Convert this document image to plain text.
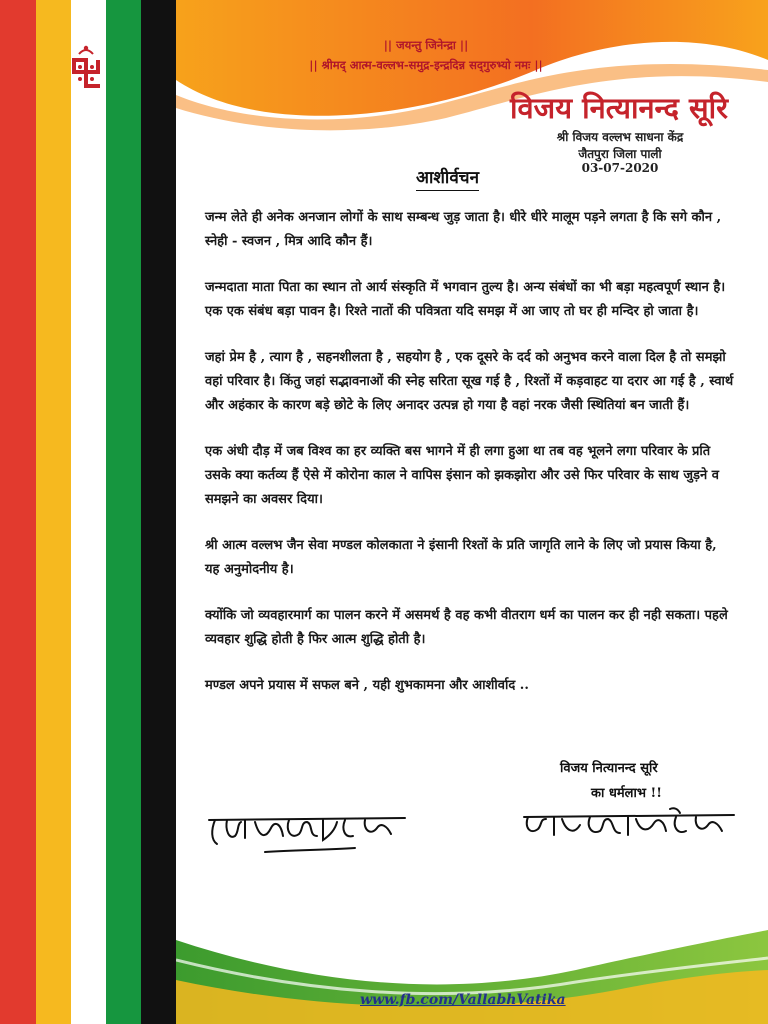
|| जयन्तु जिनेन्द्रा ||
|| श्रीमद् आत्म-वल्लभ-समुद्र-इन्द्रदिन्न सद्‌गुरुभ्यो नमः ||
विजय नित्यानन्द सूरि
श्री विजय वल्लभ साधना केंद्र
जैतपुरा जिला पाली
03-07-2020
आशीर्वचन

जन्म लेते ही अनेक अनजान लोगों के साथ सम्बन्ध जुड़ जाता है। धीरे धीरे मालूम पड़ने लगता है कि सगे कौन , स्नेही - स्वजन , मित्र आदि कौन हैं।

जन्मदाता माता पिता का स्थान तो आर्य संस्कृति में भगवान तुल्य है। अन्य संबंधों का भी बड़ा महत्वपूर्ण स्थान है। एक एक संबंध बड़ा पावन है। रिश्ते नातों की पवित्रता यदि समझ में आ जाए तो घर ही मन्दिर हो जाता है।

जहां प्रेम है , त्याग है , सहनशीलता है , सहयोग है , एक दूसरे के दर्द को अनुभव करने वाला दिल है तो समझो वहां परिवार है। किंतु जहां सद्भावनाओं की स्नेह सरिता सूख गई है , रिश्तों में कड़वाहट या दरार आ गई है , स्वार्थ और अहंकार के कारण बड़े छोटे के लिए अनादर उत्पन्न हो गया है वहां नरक जैसी स्थितियां बन जाती हैं।

एक अंधी दौड़ में जब विश्व का हर व्यक्ति बस भागने में ही लगा हुआ था तब वह भूलने लगा परिवार के प्रति उसके क्या कर्तव्य हैं ऐसे में कोरोना काल ने वापिस इंसान को झकझोरा और उसे फिर परिवार के साथ जुड़ने व समझने का अवसर दिया।

श्री आत्म वल्लभ जैन सेवा मण्डल कोलकाता ने इंसानी रिश्तों के प्रति जागृति लाने के लिए जो प्रयास किया है, यह अनुमोदनीय है।

क्योंकि जो व्यवहारमार्ग का पालन करने में असमर्थ है वह कभी वीतराग धर्म का पालन कर ही नही सकता। पहले व्यवहार शुद्धि होती है फिर आत्म शुद्धि होती है।

मण्डल अपने प्रयास में सफल बने , यही शुभकामना और आशीर्वाद ..

विजय नित्यानन्द सूरि
का धर्मलाभ !!
www.fb.com/VallabhVatika
